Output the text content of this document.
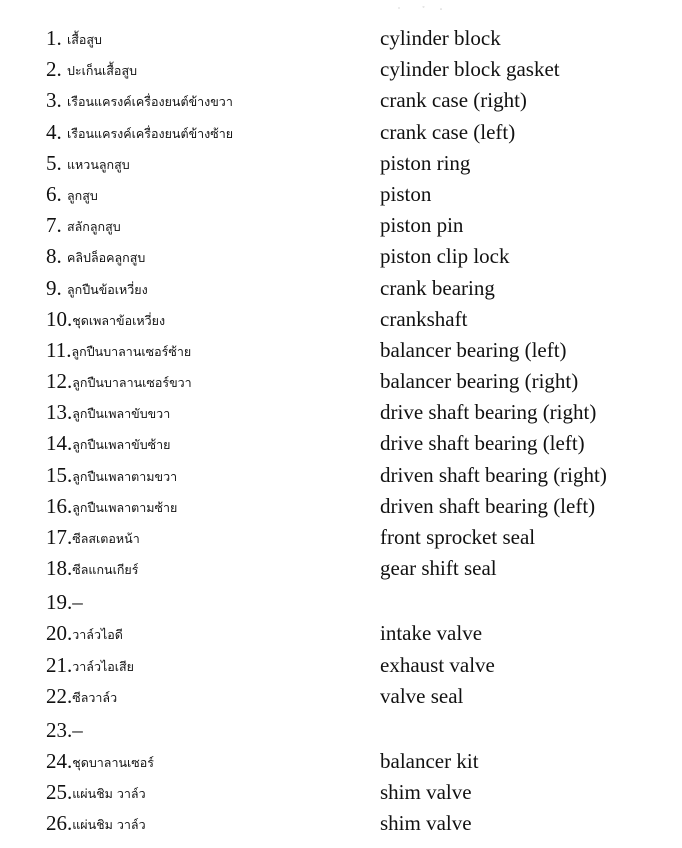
1. เสื้อสูบ	cylinder block
2. ปะเก็นเสื้อสูบ	cylinder block gasket
3. เรือนแครงค์เครื่องยนต์ข้างขวา	crank case (right)
4. เรือนแครงค์เครื่องยนต์ข้างซ้าย	crank case (left)
5. แหวนลูกสูบ	piston ring
6. ลูกสูบ	piston
7. สลักลูกสูบ	piston pin
8. คลิปล็อคลูกสูบ	piston clip lock
9. ลูกปืนข้อเหวี่ยง	crank bearing
10.ชุดเพลาข้อเหวี่ยง	crankshaft
11.ลูกปืนบาลานเซอร์ซ้าย	balancer bearing (left)
12.ลูกปืนบาลานเซอร์ขวา	balancer bearing (right)
13.ลูกปืนเพลาขับขวา	drive shaft bearing (right)
14.ลูกปืนเพลาขับซ้าย	drive shaft bearing (left)
15.ลูกปืนเพลาตามขวา	driven shaft bearing (right)
16.ลูกปืนเพลาตามซ้าย	driven shaft bearing (left)
17.ซีลสเตอหน้า	front sprocket seal
18.ซีลแกนเกียร์	gear shift seal
19.–
20.วาล์วไอดี	intake valve
21.วาล์วไอเสีย	exhaust valve
22.ซีลวาล์ว	valve seal
23.–
24.ชุดบาลานเซอร์	balancer kit
25.แผ่นชิม วาล์ว	shim valve
26.แผ่นชิม วาล์ว	shim valve
